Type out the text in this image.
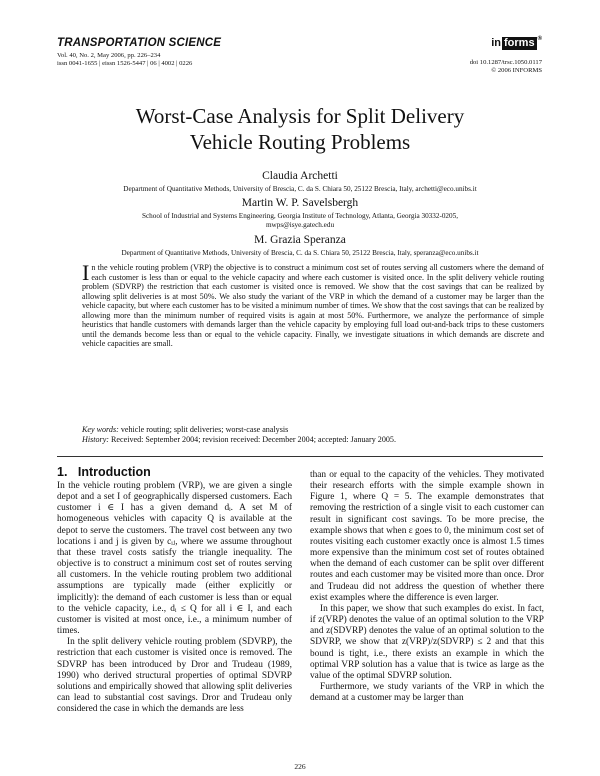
TRANSPORTATION SCIENCE
Vol. 40, No. 2, May 2006, pp. 226–234
issn 0041-1655 | eissn 1526-5447 | 06 | 4002 | 0226
in forms ®
doi 10.1287/trsc.1050.0117
© 2006 INFORMS
Worst-Case Analysis for Split Delivery
Vehicle Routing Problems
Claudia Archetti
Department of Quantitative Methods, University of Brescia, C. da S. Chiara 50, 25122 Brescia, Italy, archetti@eco.unibs.it
Martin W. P. Savelsbergh
School of Industrial and Systems Engineering, Georgia Institute of Technology, Atlanta, Georgia 30332-0205,
mwps@isye.gatech.edu
M. Grazia Speranza
Department of Quantitative Methods, University of Brescia, C. da S. Chiara 50, 25122 Brescia, Italy, speranza@eco.unibs.it

In the vehicle routing problem (VRP) the objective is to construct a minimum cost set of routes serving all customers where the demand of each customer is less than or equal to the vehicle capacity and where each customer is visited once. In the split delivery vehicle routing problem (SDVRP) the restriction that each customer is visited once is removed. We show that the cost savings that can be realized by allowing split deliveries is at most 50%. We also study the variant of the VRP in which the demand of a customer may be larger than the vehicle capacity, but where each customer has to be visited a minimum number of times. We show that the cost savings that can be realized by allowing more than the minimum number of required visits is again at most 50%. Furthermore, we analyze the performance of simple heuristics that handle customers with demands larger than the vehicle capacity by employing full load out-and-back trips to these customers until the demands become less than or equal to the vehicle capacity. Finally, we investigate situations in which demands are discrete and vehicle capacities are small.

Key words: vehicle routing; split deliveries; worst-case analysis
History: Received: September 2004; revision received: December 2004; accepted: January 2005.
1. Introduction

In the vehicle routing problem (VRP), we are given a single depot and a set I of geographically dispersed customers. Each customer i ∈ I has a given demand dᵢ. A set M of homogeneous vehicles with capacity Q is available at the depot to serve the customers. The travel cost between any two locations i and j is given by cᵢⱼ, where we assume throughout that these travel costs satisfy the triangle inequality. The objective is to construct a minimum cost set of routes serving all customers. In the vehicle routing problem two additional assumptions are typically made (either explicitly or implicitly): the demand of each customer is less than or equal to the vehicle capacity, i.e., dᵢ ≤ Q for all i ∈ I, and each customer is visited at most once, i.e., a minimum number of times.

In the split delivery vehicle routing problem (SDVRP), the restriction that each customer is visited once is removed. The SDVRP has been introduced by Dror and Trudeau (1989, 1990) who derived structural properties of optimal SDVRP solutions and empirically showed that allowing split deliveries can lead to substantial cost savings. Dror and Trudeau only considered the case in which the demands are less

than or equal to the capacity of the vehicles. They motivated their research efforts with the simple example shown in Figure 1, where Q = 5. The example demonstrates that removing the restriction of a single visit to each customer can result in significant cost savings. To be more precise, the example shows that when ε goes to 0, the minimum cost set of routes visiting each customer exactly once is almost 1.5 times more expensive than the minimum cost set of routes obtained when the demand of each customer can be split over different routes and each customer may be visited more than once. Dror and Trudeau did not address the question of whether there exist examples where the difference is even larger.

In this paper, we show that such examples do exist. In fact, if z(VRP) denotes the value of an optimal solution to the VRP and z(SDVRP) denotes the value of an optimal solution to the SDVRP, we show that z(VRP)/z(SDVRP) ≤ 2 and that this bound is tight, i.e., there exists an example in which the optimal VRP solution has a value that is twice as large as the value of the optimal SDVRP solution.

Furthermore, we study variants of the VRP in which the demand at a customer may be larger than

226
